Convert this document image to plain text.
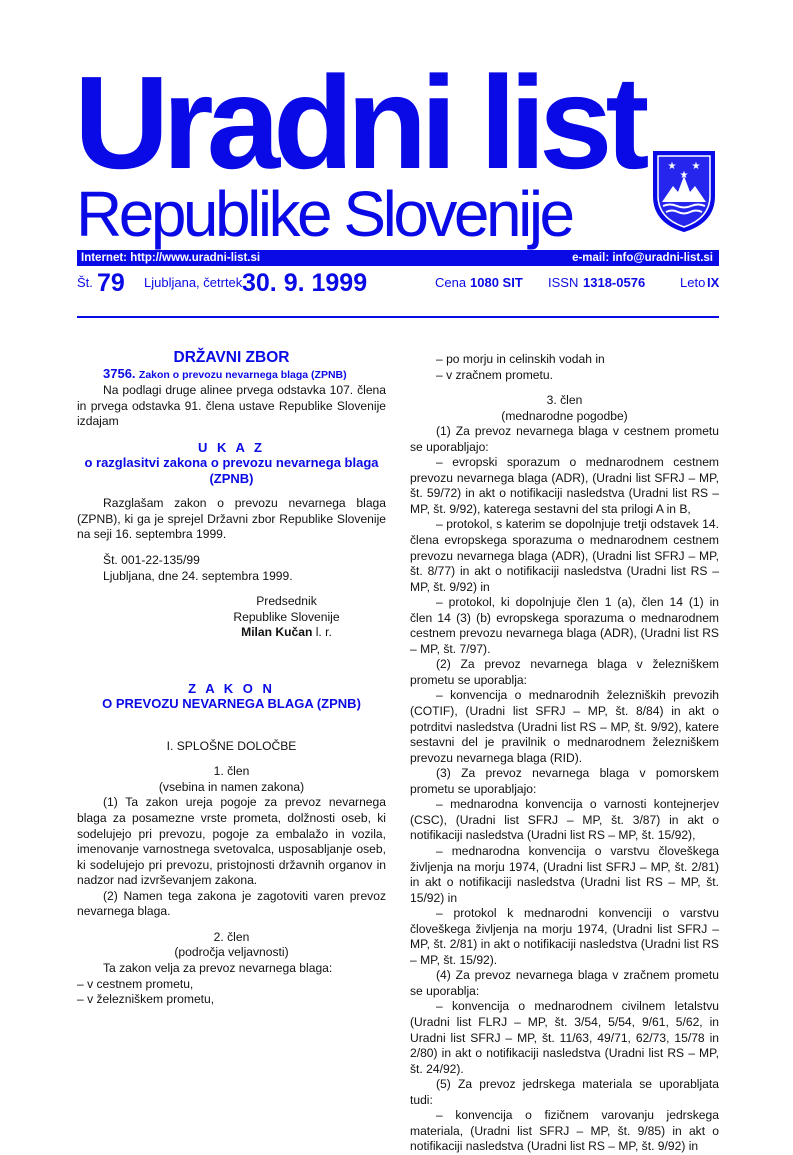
Uradni list
Republike Slovenije
★ ★
★
Internet: http://www.uradni-list.si	e-mail: info@uradni-list.si
Št. 79 Ljubljana, četrtek 30. 9. 1999	Cena 1080 SIT ISSN 1318-0576	Leto IX

DRŽAVNI ZBOR

3756. Zakon o prevozu nevarnega blaga (ZPNB)

Na podlagi druge alinee prvega odstavka 107. člena in prvega odstavka 91. člena ustave Republike Slovenije izdajam

U K A Z

o razglasitvi zakona o prevozu nevarnega blaga (ZPNB)

Razglašam zakon o prevozu nevarnega blaga (ZPNB), ki ga je sprejel Državni zbor Republike Slovenije na seji 16. septembra 1999.

Št. 001-22-135/99

Ljubljana, dne 24. septembra 1999.

Predsednik

Republike Slovenije

Milan Kučan l. r.

Z A K O N

O PREVOZU NEVARNEGA BLAGA (ZPNB)

I. SPLOŠNE DOLOČBE

1. člen

(vsebina in namen zakona)

(1) Ta zakon ureja pogoje za prevoz nevarnega blaga za posamezne vrste prometa, dolžnosti oseb, ki sodelujejo pri prevozu, pogoje za embalažo in vozila, imenovanje varnostnega svetovalca, usposabljanje oseb, ki sodelujejo pri prevozu, pristojnosti državnih organov in nadzor nad izvrševanjem zakona.

(2) Namen tega zakona je zagotoviti varen prevoz nevarnega blaga.

2. člen

(področja veljavnosti)

Ta zakon velja za prevoz nevarnega blaga:

– v cestnem prometu,

– v železniškem prometu,

– po morju in celinskih vodah in

– v zračnem prometu.

3. člen

(mednarodne pogodbe)

(1) Za prevoz nevarnega blaga v cestnem prometu se uporabljajo:

– evropski sporazum o mednarodnem cestnem prevozu nevarnega blaga (ADR), (Uradni list SFRJ – MP, št. 59/72) in akt o notifikaciji nasledstva (Uradni list RS – MP, št. 9/92), katerega sestavni del sta prilogi A in B,

– protokol, s katerim se dopolnjuje tretji odstavek 14. člena evropskega sporazuma o mednarodnem cestnem prevozu nevarnega blaga (ADR), (Uradni list SFRJ – MP, št. 8/77) in akt o notifikaciji nasledstva (Uradni list RS – MP, št. 9/92) in

– protokol, ki dopolnjuje člen 1 (a), člen 14 (1) in člen 14 (3) (b) evropskega sporazuma o mednarodnem cestnem prevozu nevarnega blaga (ADR), (Uradni list RS – MP, št. 7/97).

(2) Za prevoz nevarnega blaga v železniškem prometu se uporablja:

– konvencija o mednarodnih železniških prevozih (COTIF), (Uradni list SFRJ – MP, št. 8/84) in akt o potrditvi nasledstva (Uradni list RS – MP, št. 9/92), katere sestavni del je pravilnik o mednarodnem železniškem prevozu nevarnega blaga (RID).

(3) Za prevoz nevarnega blaga v pomorskem prometu se uporabljajo:

– mednarodna konvencija o varnosti kontejnerjev (CSC), (Uradni list SFRJ – MP, št. 3/87) in akt o notifikaciji nasledstva (Uradni list RS – MP, št. 15/92),

– mednarodna konvencija o varstvu človeškega življenja na morju 1974, (Uradni list SFRJ – MP, št. 2/81) in akt o notifikaciji nasledstva (Uradni list RS – MP, št. 15/92) in

– protokol k mednarodni konvenciji o varstvu človeškega življenja na morju 1974, (Uradni list SFRJ – MP, št. 2/81) in akt o notifikaciji nasledstva (Uradni list RS – MP, št. 15/92).

(4) Za prevoz nevarnega blaga v zračnem prometu se uporablja:

– konvencija o mednarodnem civilnem letalstvu (Uradni list FLRJ – MP, št. 3/54, 5/54, 9/61, 5/62, in Uradni list SFRJ – MP, št. 11/63, 49/71, 62/73, 15/78 in 2/80) in akt o notifikaciji nasledstva (Uradni list RS – MP, št. 24/92).

(5) Za prevoz jedrskega materiala se uporabljata tudi:

– konvencija o fizičnem varovanju jedrskega materiala, (Uradni list SFRJ – MP, št. 9/85) in akt o notifikaciji nasledstva (Uradni list RS – MP, št. 9/92) in
